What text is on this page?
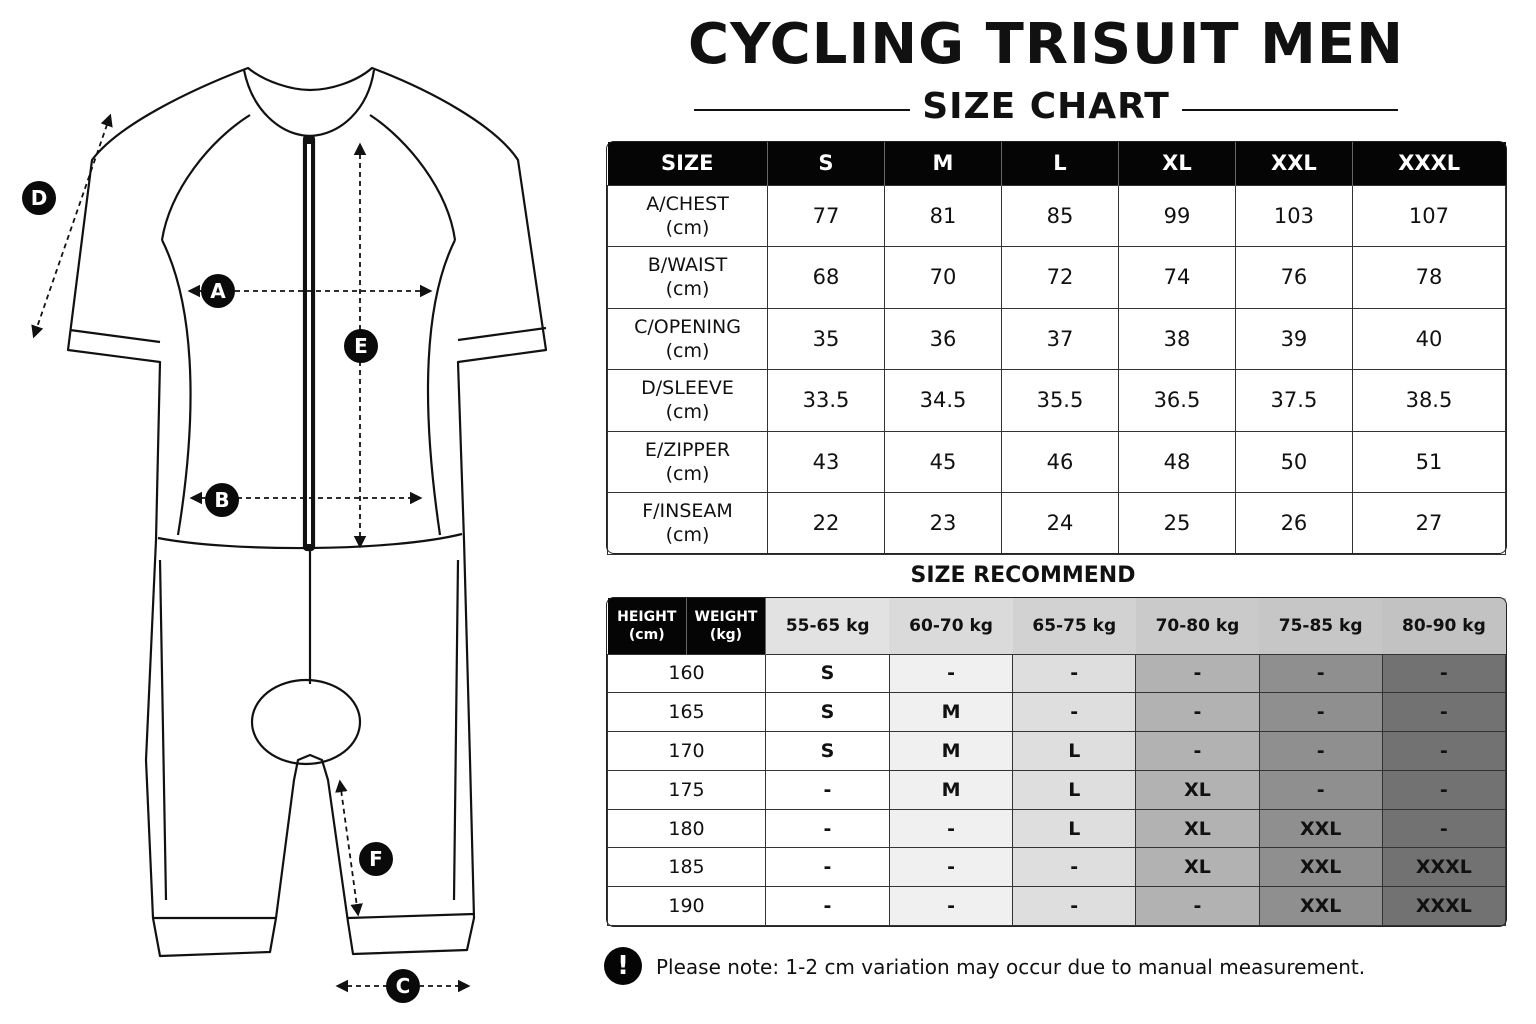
A
B
C
D
E
F
CYCLING TRISUIT MEN
SIZE CHART
SIZE	S	M	L	XL	XXL	XXXL
A/CHEST
(cm)	77	81	85	99	103	107
B/WAIST
(cm)	68	70	72	74	76	78
C/OPENING
(cm)	35	36	37	38	39	40
D/SLEEVE
(cm)	33.5	34.5	35.5	36.5	37.5	38.5
E/ZIPPER
(cm)	43	45	46	48	50	51
F/INSEAM
(cm)	22	23	24	25	26	27
SIZE RECOMMEND
HEIGHT
(cm)	WEIGHT
(kg)	55-65 kg	60-70 kg	65-75 kg	70-80 kg	75-85 kg	80-90 kg
160		S	-	-	-	-	-
165		S	M	-	-	-	-
170		S	M	L	-	-	-
175		-	M	L	XL	-	-
180		-	-	L	XL	XXL	-
185		-	-	-	XL	XXL	XXXL
190		-	-	-	-	XXL	XXXL
!	Please note: 1-2 cm variation may occur due to manual measurement.
